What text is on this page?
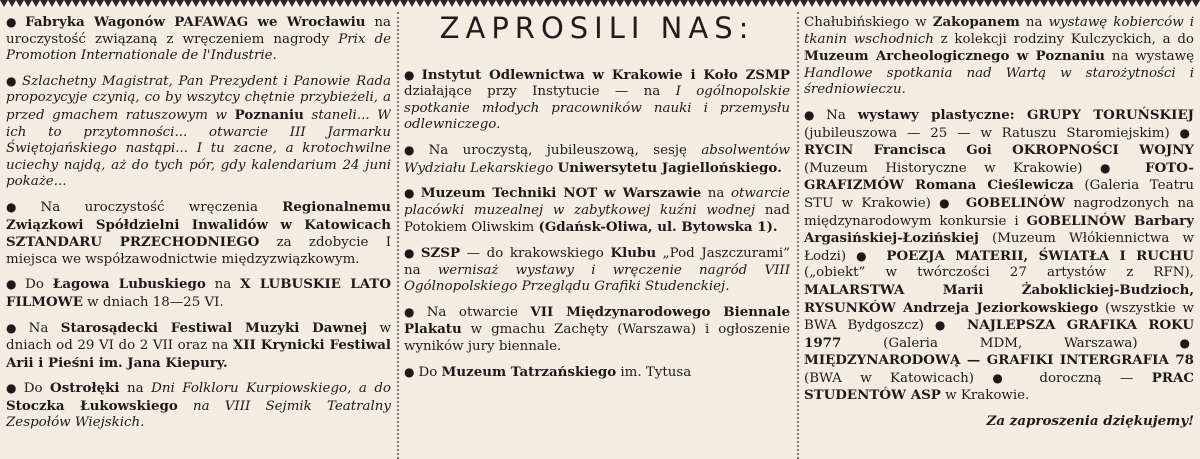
● Fabryka Wagonów PAFAWAG we Wrocławiu na uroczystość związaną z wręczeniem nagrody Prix de Promotion Internationale de l'Industrie.

● Szlachetny Magistrat, Pan Prezydent i Panowie Rada propozycyje czynią, co by wszytcy chętnie przybieżeli, a przed gmachem ratuszowym w Poznaniu staneli... W ich to przytomności... otwarcie III Jarmarku Świętojańskiego nastąpi... I tu zacne, a krotochwilne uciechy najdą, aż do tych pór, gdy kalendarium 24 juni pokaże...

● Na uroczystość wręczenia Regionalnemu Związkowi Spółdzielni Inwalidów w Katowicach SZTANDARU PRZECHODNIEGO za zdobycie I miejsca we współzawodnictwie międzyzwiązkowym.

● Do Łagowa Lubuskiego na X LUBUSKIE LATO FILMOWE w dniach 18—25 VI.

● Na Starosądecki Festiwal Muzyki Dawnej w dniach od 29 VI do 2 VII oraz na XII Krynicki Festiwal Arii i Pieśni im. Jana Kiepury.

● Do Ostrołęki na Dni Folkloru Kurpiowskiego, a do Stoczka Łukowskiego na VIII Sejmik Teatralny Zespołów Wiejskich.

ZAPROSILI NAS:

● Instytut Odlewnictwa w Krakowie i Koło ZSMP działające przy Instytucie — na I ogólnopolskie spotkanie młodych pracowników nauki i przemysłu odlewniczego.

● Na uroczystą, jubileuszową, sesję absolwentów Wydziału Lekarskiego Uniwersytetu Jagiellońskiego.

● Muzeum Techniki NOT w Warszawie na otwarcie placówki muzealnej w zabytkowej kuźni wodnej nad Potokiem Oliwskim (Gdańsk-Oliwa, ul. Bytowska 1).

● SZSP — do krakowskiego Klubu „Pod Jaszczurami” na wernisaż wystawy i wręczenie nagród VIII Ogólnopolskiego Przeglądu Grafiki Studenckiej.

● Na otwarcie VII Międzynarodowego Biennale Plakatu w gmachu Zachęty (Warszawa) i ogłoszenie wyników jury biennale.

● Do Muzeum Tatrzańskiego im. Tytusa

Chałubińskiego w Zakopanem na wystawę kobierców i tkanin wschodnich z kolekcji rodziny Kulczyckich, a do Muzeum Archeologicznego w Poznaniu na wystawę Handlowe spotkania nad Wartą w starożytności i średniowieczu.

● Na wystawy plastyczne: GRUPY TORUŃSKIEJ (jubileuszowa — 25 — w Ratuszu Staromiejskim) ● RYCIN Francisca Goi OKROPNOŚCI WOJNY (Muzeum Historyczne w Krakowie) ● FOTO-GRAFIZMÓW Romana Cieślewicza (Galeria Teatru STU w Krakowie) ● GOBELINÓW nagrodzonych na międzynarodowym konkursie i GOBELINÓW Barbary Argasińskiej-Łozińskiej (Muzeum Włókiennictwa w Łodzi) ● POEZJA MATERII, ŚWIATŁA I RUCHU („obiekt” w twórczości 27 artystów z RFN), MALARSTWA Marii Żaboklickiej-Budzioch, RYSUNKÓW Andrzeja Jeziorkowskiego (wszystkie w BWA Bydgoszcz) ● NAJLEPSZA GRAFIKA ROKU 1977 (Galeria MDM, Warszawa) ● MIĘDZYNARODOWĄ — GRAFIKI INTERGRAFIA 78 (BWA w Katowicach) ● doroczną — PRAC STUDENTÓW ASP w Krakowie.

Za zaproszenia dziękujemy!
